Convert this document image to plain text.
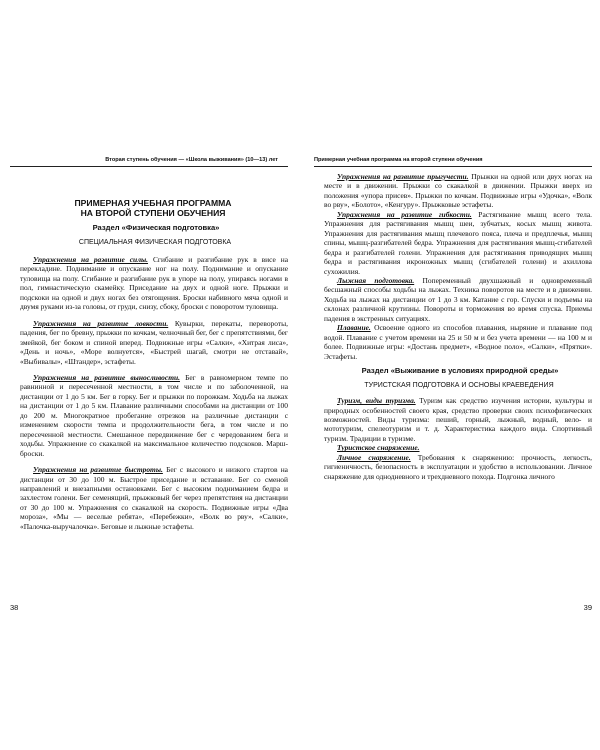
Вторая ступень обучения — «Школа выживания» (10—13) лет
ПРИМЕРНАЯ УЧЕБНАЯ ПРОГРАММА
НА ВТОРОЙ СТУПЕНИ ОБУЧЕНИЯ
Раздел «Физическая подготовка»
СПЕЦИАЛЬНАЯ ФИЗИЧЕСКАЯ ПОДГОТОВКА

Упражнения на развитие силы. Сгибание и разгибание рук в висе на перекладине. Поднимание и опускание ног на полу. Поднимание и опускание туловища на полу. Сгибание и разгибание рук в упоре на полу, упираясь ногами в пол, гимнастическую скамейку. Приседание на двух и одной ноге. Прыжки и подскоки на одной и двух ногах без отягощения. Броски набивного мяча одной и двумя руками из-за головы, от груди, снизу, сбоку, броски с поворотом туловища.

Упражнения на развитие ловкости. Кувырки, перекаты, перевороты, падения, бег по бревну, прыжки по кочкам, челночный бег, бег с препятствиями, бег змейкой, бег боком и спиной вперед. Подвижные игры «Салки», «Хитрая лиса», «День и ночь», «Море волнуется», «Быстрей шагай, смотри не отставай», «Выбивалы», «Штандер», эстафеты.

Упражнения на развитие выносливости. Бег в равномерном темпе по равнинной и пересеченной местности, в том числе и по заболоченной, на дистанции от 1 до 5 км. Бег в горку. Бег и прыжки по порожкам. Ходьба на лыжах на дистанции от 1 до 5 км. Плавание различными способами на дистанции от 100 до 200 м. Многократное пробегание отрезков на различные дистанции с изменением скорости темпа и продолжительности бега, в том числе и по пересеченной местности. Смешанное передвижение бег с чередованием бега и ходьбы. Упражнение со скакалкой на максимальное количество подскоков. Марш-броски.

Упражнения на развитие быстроты. Бег с высокого и низкого стартов на дистанции от 30 до 100 м. Быстрое приседание и вставание. Бег со сменой направлений и внезапными остановками. Бег с высоким подниманием бедра и захлестом голени. Бег семенящий, прыжковый бег через препятствия на дистанции от 30 до 100 м. Упражнения со скакалкой на скорость. Подвижные игры «Два мороза», «Мы — веселые ребята», «Перебежки», «Волк во рву», «Салки», «Палочка-выручалочка». Беговые и лыжные эстафеты.

38
Примерная учебная программа на второй ступени обучения

Упражнения на развитие прыгучести. Прыжки на одной или двух ногах на месте и в движении. Прыжки со скакалкой в движении. Прыжки вверх из положения «упора присев». Прыжки по кочкам. Подвижные игры «Удочка», «Волк во рву», «Болото», «Кенгуру». Прыжковые эстафеты.

Упражнения на развитие гибкости. Растягивание мышц всего тела. Упражнения для растягивания мышц шеи, зубчатых, косых мышц живота. Упражнения для растягивания мышц плечевого пояса, плеча и предплечья, мышц спины, мышц-разгибателей бедра. Упражнения для растягивания мышц-сгибателей бедра и разгибателей голени. Упражнения для растягивания приводящих мышц бедра и растягивания икроножных мышц (сгибателей голени) и ахиллова сухожилия.

Лыжная подготовка. Попеременный двухшажный и одновременный бесшажный способы ходьбы на лыжах. Техника поворотов на месте и в движении. Ходьба на лыжах на дистанции от 1 до 3 км. Катание с гор. Спуски и подъемы на склонах различной крутизны. Повороты и торможения во время спуска. Приемы падения в экстренных ситуациях.

Плавание. Освоение одного из способов плавания, ныряние и плавание под водой. Плавание с учетом времени на 25 и 50 м и без учета времени — на 100 м и более. Подвижные игры: «Достань предмет», «Водное поло», «Салки», «Прятки». Эстафеты.

Раздел «Выживание в условиях природной среды»
ТУРИСТСКАЯ ПОДГОТОВКА И ОСНОВЫ КРАЕВЕДЕНИЯ

Туризм, виды туризма. Туризм как средство изучения истории, культуры и природных особенностей своего края, средство проверки своих психофизических возможностей. Виды туризма: пеший, горный, лыжный, водный, вело- и мототуризм, спелеотуризм и т. д. Характеристика каждого вида. Спортивный туризм. Традиции в туризме.

Туристское снаряжение.

Личное снаряжение. Требования к снаряжению: прочность, легкость, гигиеничность, безопасность в эксплуатации и удобство в использовании. Личное снаряжение для однодневного и трехдневного похода. Подгонка личного

39
